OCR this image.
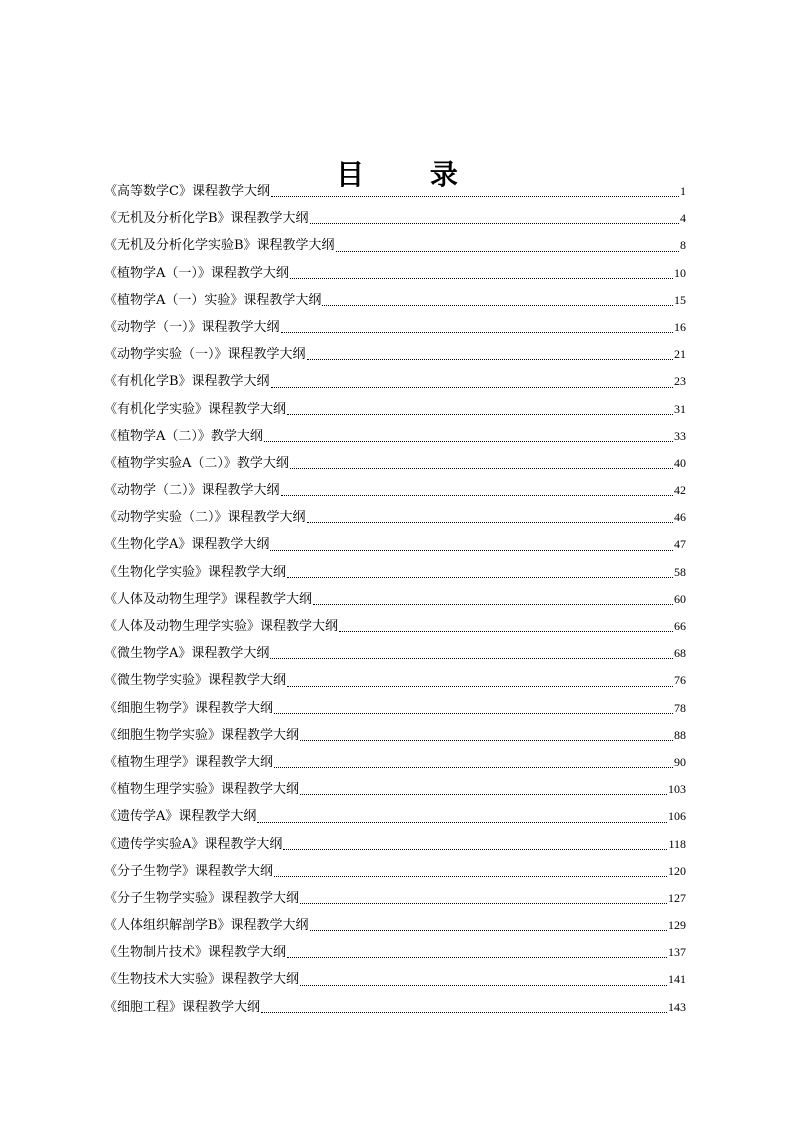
目 录
《高等数学C》课程教学大纲	1
《无机及分析化学B》课程教学大纲	4
《无机及分析化学实验B》课程教学大纲	8
《植物学A（一）》课程教学大纲	10
《植物学A（一）实验》课程教学大纲	15
《动物学（一）》课程教学大纲	16
《动物学实验（一）》课程教学大纲	21
《有机化学B》课程教学大纲	23
《有机化学实验》课程教学大纲	31
《植物学A（二）》教学大纲	33
《植物学实验A（二）》教学大纲	40
《动物学（二）》课程教学大纲	42
《动物学实验（二）》课程教学大纲	46
《生物化学A》课程教学大纲	47
《生物化学实验》课程教学大纲	58
《人体及动物生理学》课程教学大纲	60
《人体及动物生理学实验》课程教学大纲	66
《微生物学A》课程教学大纲	68
《微生物学实验》课程教学大纲	76
《细胞生物学》课程教学大纲	78
《细胞生物学实验》课程教学大纲	88
《植物生理学》课程教学大纲	90
《植物生理学实验》课程教学大纲	103
《遗传学A》课程教学大纲	106
《遗传学实验A》课程教学大纲	118
《分子生物学》课程教学大纲	120
《分子生物学实验》课程教学大纲	127
《人体组织解剖学B》课程教学大纲	129
《生物制片技术》课程教学大纲	137
《生物技术大实验》课程教学大纲	141
《细胞工程》课程教学大纲	143
